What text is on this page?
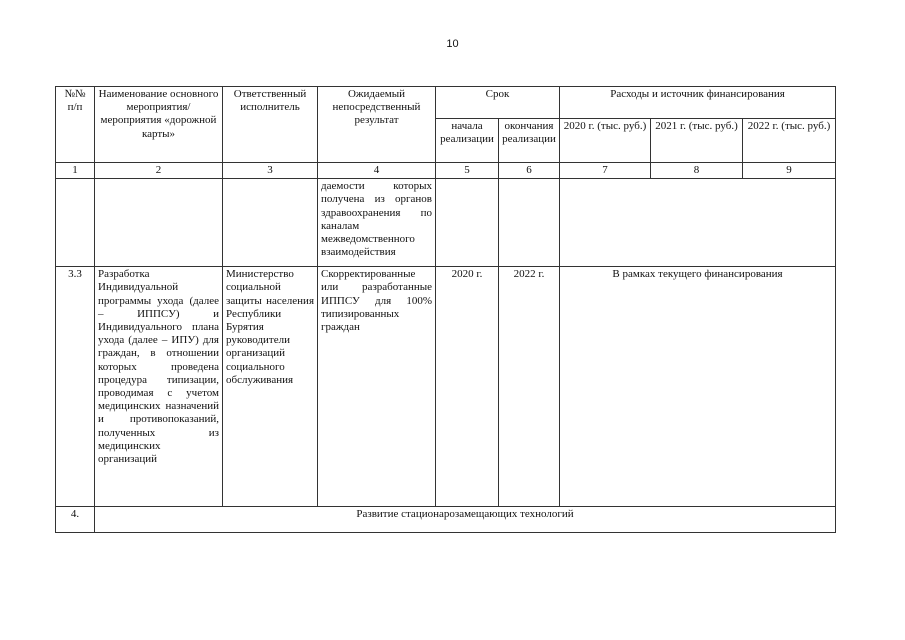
10
№№ п/п	Наименование основного мероприятия/мероприятия «дорожной карты»	Ответственный исполнитель	Ожидаемый непосредственный результат	Срок		Расходы и источник финансирования		
				начала реализации	окончания реализации	2020 г. (тыс. руб.)	2021 г. (тыс. руб.)	2022 г. (тыс. руб.)
1	2	3	4	5	6	7	8	9
			даемости которых получена из органов здравоохранения по каналам межведомственного взаимодействия					
3.3	Разработка Индивидуальной программы ухода (далее – ИППСУ) и Индивидуального плана ухода (далее – ИПУ) для граждан, в отношении которых проведена процедура типизации, проводимая с учетом медицинских назначений и противопоказаний, полученных из медицинских организаций	Министерство социальной защиты населения Республики Бурятия руководители организаций социального обслуживания	Скорректированные или разработанные ИППСУ для 100% типизированных граждан	2020 г.	2022 г.	В рамках текущего финансирования		
4.	Развитие стационарозамещающих технологий							
